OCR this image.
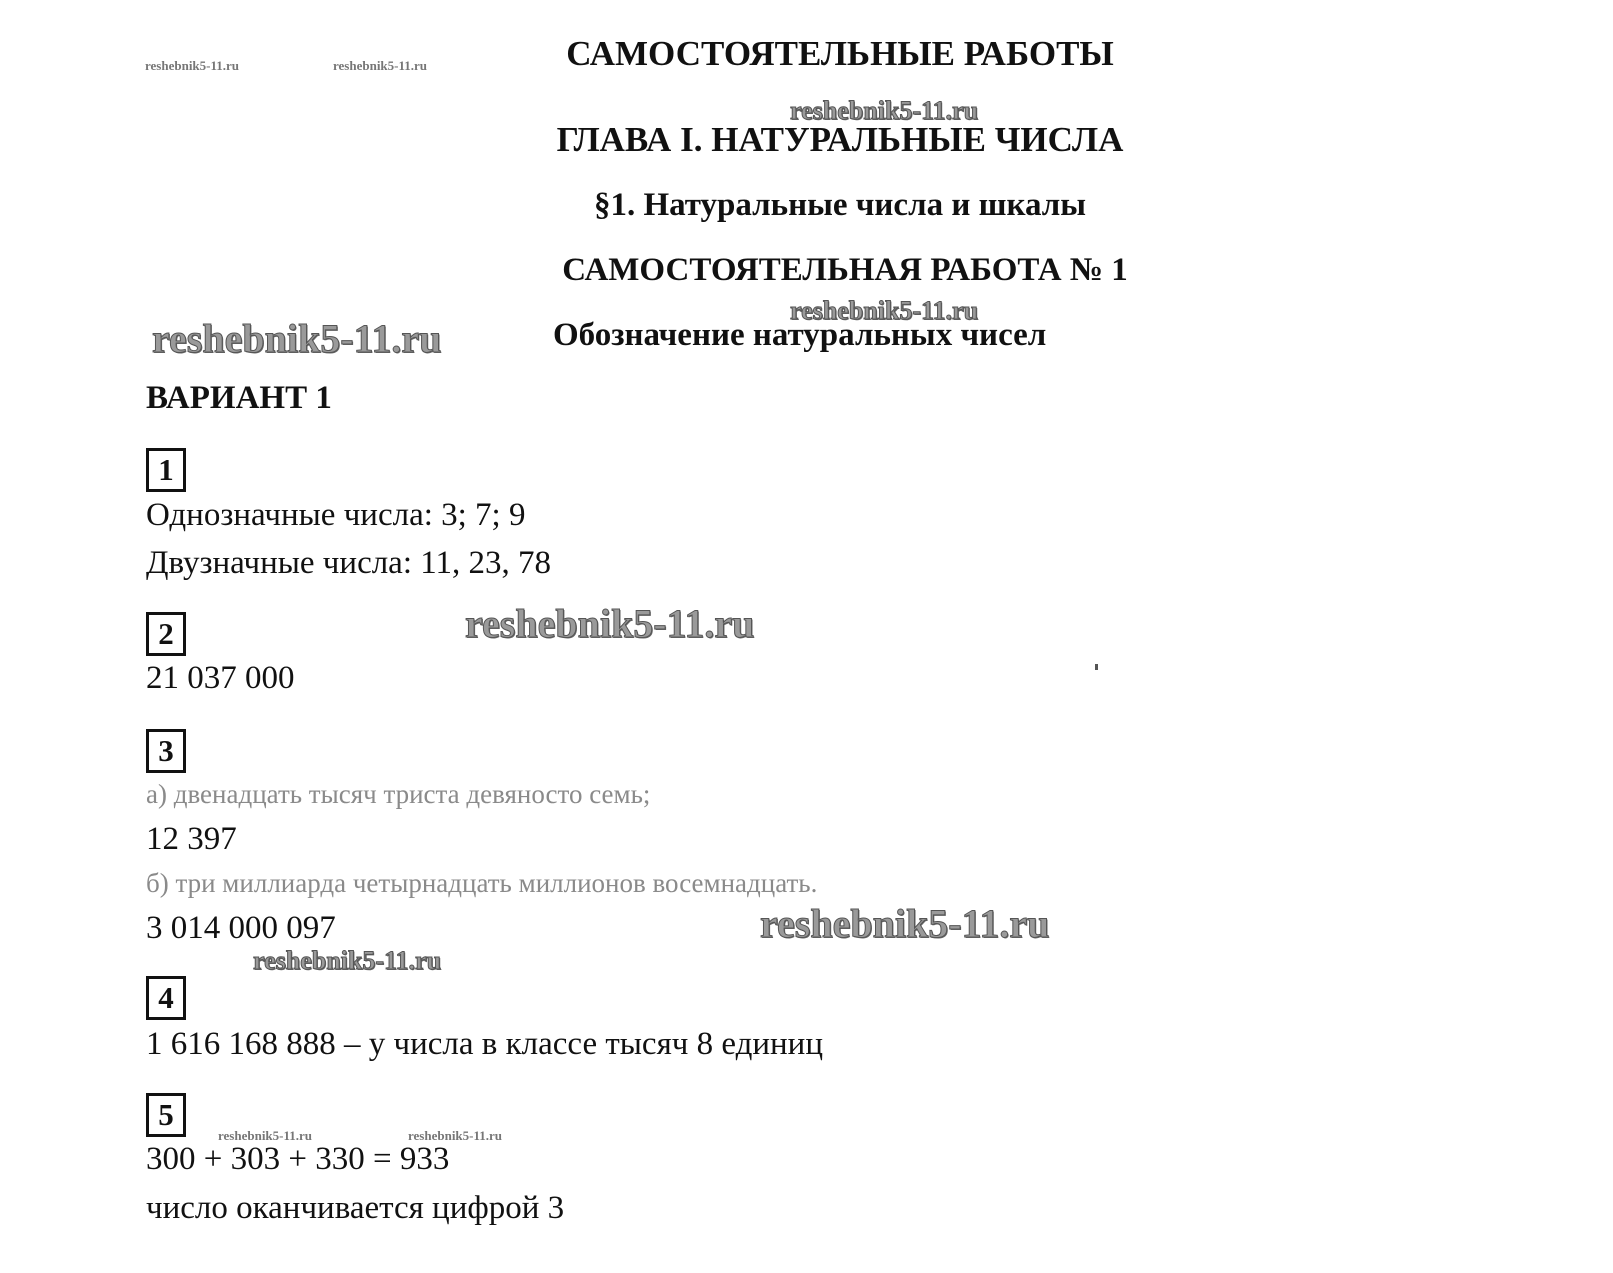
reshebnik5-11.ru	reshebnik5-11.ru	САМОСТОЯТЕЛЬНЫЕ РАБОТЫ
reshebnik5-11.ru
ГЛАВА I. НАТУРАЛЬНЫЕ ЧИСЛА
§1. Натуральные числа и шкалы
САМОСТОЯТЕЛЬНАЯ РАБОТА № 1
reshebnik5-11.ru
reshebnik5-11.ru	Обозначение натуральных чисел
ВАРИАНТ 1
1
Однозначные числа: 3; 7; 9
Двузначные числа: 11, 23, 78
2	reshebnik5-11.ru
21 037 000
3
а) двенадцать тысяч триста девяносто семь;
12 397
б) три миллиарда четырнадцать миллионов восемнадцать.
3 014 000 097	reshebnik5-11.ru
reshebnik5-11.ru
4
1 616 168 888 – у числа в классе тысяч 8 единиц
5
reshebnik5-11.ru	reshebnik5-11.ru
300 + 303 + 330 = 933
число оканчивается цифрой 3
